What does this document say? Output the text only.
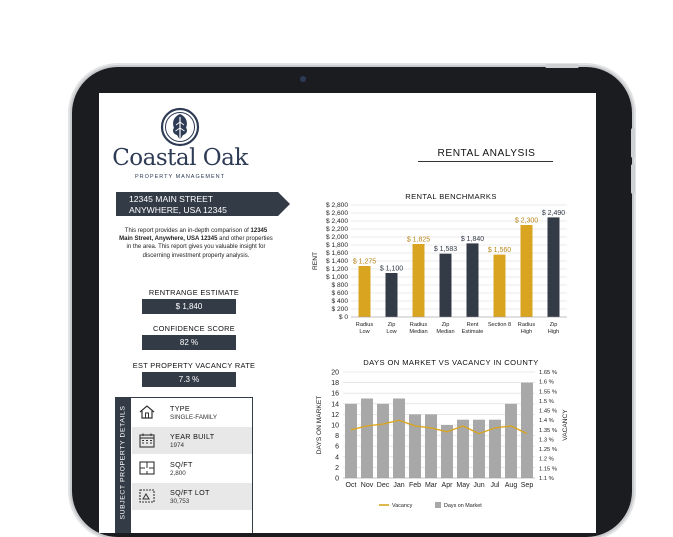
Coastal Oak
PROPERTY MANAGEMENT
12345 MAIN STREET
ANYWHERE, USA 12345
This report provides an in-depth comparison of 12345 Main Street, Anywhere, USA 12345 and other properties in the area. This report gives you valuable insight for discerning investment property analysis.
RENTRANGE ESTIMATE
$ 1,840
CONFIDENCE SCORE
82 %
EST PROPERTY VACANCY RATE
7.3 %
SUBJECT PROPERTY DETAILS	TYPE
SINGLE-FAMILY
YEAR BUILT
1974
SQ/FT
2,800
SQ/FT LOT
30,753
RENTAL ANALYSIS
RENTAL BENCHMARKS
$ 0
$ 200
$ 400
$ 600
$ 800
$ 1,000
$ 1,200
$ 1,400
$ 1,600
$ 1,800
$ 2,000
$ 2,200
$ 2,400
$ 2,600
$ 2,800
RENT	$ 1,275
Radius
Low
$ 1,100
Zip
Low
$ 1,825
Radius
Median
$ 1,583
Zip
Median
$ 1,840
Rent
Estimate
$ 1,560
Section 8
$ 2,300
Radius
High
$ 2,490
Zip
High
DAYS ON MARKET VS VACANCY IN COUNTY
0
2
4
6
8
10
12
14
16
18
20
1.1 %
1.15 %
1.2 %
1.25 %
1.3 %
1.35 %
1.4 %
1.45 %
1.5 %
1.55 %
1.6 %
1.65 %
DAYS ON MARKET	VACANCY
Oct Nov Dec Jan Feb Mar Apr May Jun Jul Aug Sep
Vacancy	Days on Market
